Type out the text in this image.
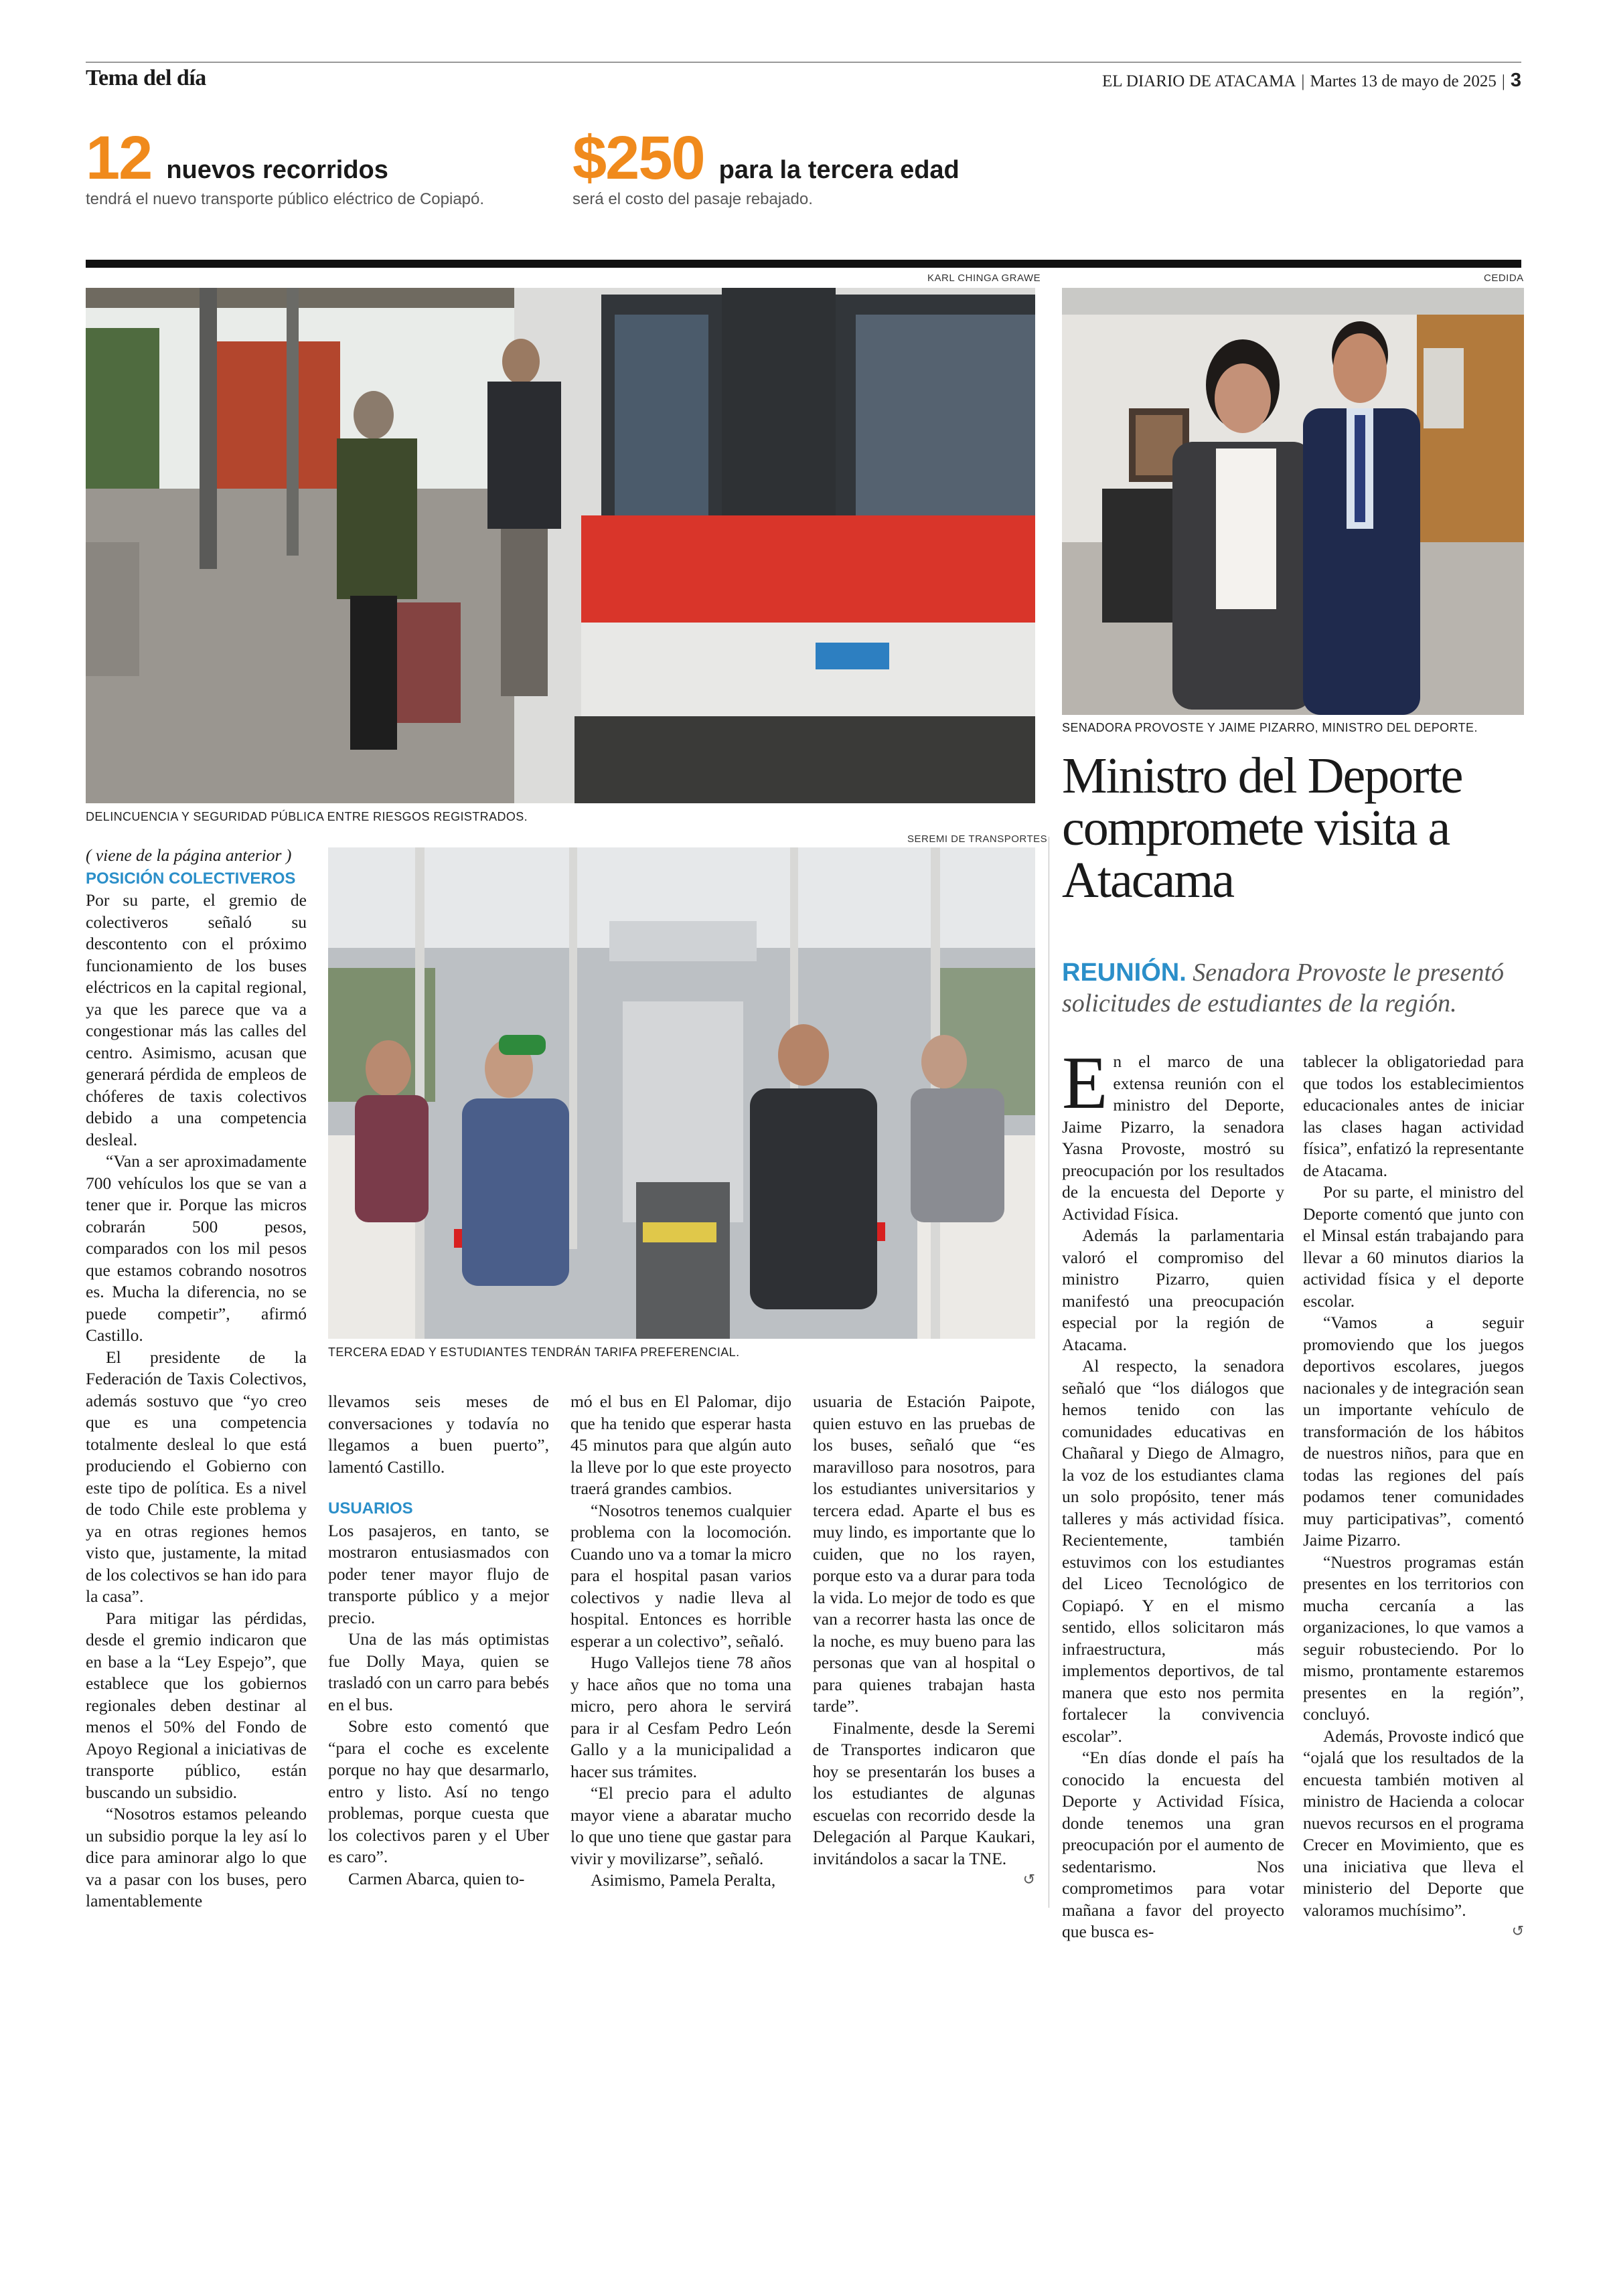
Tema del día	EL DIARIO DE ATACAMA | Martes 13 de mayo de 2025 | 3
12 nuevos recorridos
tendrá el nuevo transporte público eléctrico de Copiapó.
$250 para la tercera edad
será el costo del pasaje rebajado.
KARL CHINGA GRAWE
DELINCUENCIA Y SEGURIDAD PÚBLICA ENTRE RIESGOS REGISTRADOS.
CEDIDA
SENADORA PROVOSTE Y JAIME PIZARRO, MINISTRO DEL DEPORTE.
SEREMI DE TRANSPORTES
TERCERA EDAD Y ESTUDIANTES TENDRÁN TARIFA PREFERENCIAL.

( viene de la página anterior )

POSICIÓN COLECTIVEROS

Por su parte, el gremio de colectiveros señaló su descontento con el próximo funcionamiento de los buses eléctricos en la capital regional, ya que les parece que va a congestionar más las calles del centro. Asimismo, acusan que generará pérdida de empleos de chóferes de taxis colectivos debido a una competencia desleal.

“Van a ser aproximadamente 700 vehículos los que se van a tener que ir. Porque las micros cobrarán 500 pesos, comparados con los mil pesos que estamos cobrando nosotros es. Mucha la diferencia, no se puede competir”, afirmó Castillo.

El presidente de la Federación de Taxis Colectivos, además sostuvo que “yo creo que es una competencia totalmente desleal lo que está produciendo el Gobierno con este tipo de política. Es a nivel de todo Chile este problema y ya en otras regiones hemos visto que, justamente, la mitad de los colectivos se han ido para la casa”.

Para mitigar las pérdidas, desde el gremio indicaron que en base a la “Ley Espejo”, que establece que los gobiernos regionales deben destinar al menos el 50% del Fondo de Apoyo Regional a iniciativas de transporte público, están buscando un subsidio.

“Nosotros estamos peleando un subsidio porque la ley así lo dice para aminorar algo lo que va a pasar con los buses, pero lamentablemente

llevamos seis meses de conversaciones y todavía no llegamos a buen puerto”, lamentó Castillo.

USUARIOS

Los pasajeros, en tanto, se mostraron entusiasmados con poder tener mayor flujo de transporte público y a mejor precio.

Una de las más optimistas fue Dolly Maya, quien se trasladó con un carro para bebés en el bus.

Sobre esto comentó que “para el coche es excelente porque no hay que desarmarlo, entro y listo. Así no tengo problemas, porque cuesta que los colectivos paren y el Uber es caro”.

Carmen Abarca, quien to-

mó el bus en El Palomar, dijo que ha tenido que esperar hasta 45 minutos para que algún auto la lleve por lo que este proyecto traerá grandes cambios.

“Nosotros tenemos cualquier problema con la locomoción. Cuando uno va a tomar la micro para el hospital pasan varios colectivos y nadie lleva al hospital. Entonces es horrible esperar a un colectivo”, señaló.

Hugo Vallejos tiene 78 años y hace años que no toma una micro, pero ahora le servirá para ir al Cesfam Pedro León Gallo y a la municipalidad a hacer sus trámites.

“El precio para el adulto mayor viene a abaratar mucho lo que uno tiene que gastar para vivir y movilizarse”, señaló.

Asimismo, Pamela Peralta,

usuaria de Estación Paipote, quien estuvo en las pruebas de los buses, señaló que “es maravilloso para nosotros, para los estudiantes universitarios y tercera edad. Aparte el bus es muy lindo, es importante que lo cuiden, que no los rayen, porque esto va a durar para toda la vida. Lo mejor de todo es que van a recorrer hasta las once de la noche, es muy bueno para las personas que van al hospital o para quienes trabajan hasta tarde”.

Finalmente, desde la Seremi de Transportes indicaron que hoy se presentarán los buses a los estudiantes de algunas escuelas con recorrido desde la Delegación al Parque Kaukari, invitándolos a sacar la TNE.

↺
Ministro del Deporte compromete visita a Atacama
REUNIÓN. Senadora Provoste le presentó solicitudes de estudiantes de la región.

En el marco de una extensa reunión con el ministro del Deporte, Jaime Pizarro, la senadora Yasna Provoste, mostró su preocupación por los resultados de la encuesta del Deporte y Actividad Física.

Además la parlamentaria valoró el compromiso del ministro Pizarro, quien manifestó una preocupación especial por la región de Atacama.

Al respecto, la senadora señaló que “los diálogos que hemos tenido con las comunidades educativas en Chañaral y Diego de Almagro, la voz de los estudiantes clama un solo propósito, tener más talleres y más actividad física. Recientemente, también estuvimos con los estudiantes del Liceo Tecnológico de Copiapó. Y en el mismo sentido, ellos solicitaron más infraestructura, más implementos deportivos, de tal manera que esto nos permita fortalecer la convivencia escolar”.

“En días donde el país ha conocido la encuesta del Deporte y Actividad Física, donde tenemos una gran preocupación por el aumento de sedentarismo. Nos comprometimos para votar mañana a favor del proyecto que busca es-

tablecer la obligatoriedad para que todos los establecimientos educacionales antes de iniciar las clases hagan actividad física”, enfatizó la representante de Atacama.

Por su parte, el ministro del Deporte comentó que junto con el Minsal están trabajando para llevar a 60 minutos diarios la actividad física y el deporte escolar.

“Vamos a seguir promoviendo que los juegos deportivos escolares, juegos nacionales y de integración sean un importante vehículo de transformación de los hábitos de nuestros niños, para que en todas las regiones del país podamos tener comunidades muy participativas”, comentó Jaime Pizarro.

“Nuestros programas están presentes en los territorios con mucha cercanía a las organizaciones, lo que vamos a seguir robusteciendo. Por lo mismo, prontamente estaremos presentes en la región”, concluyó.

Además, Provoste indicó que “ojalá que los resultados de la encuesta también motiven al ministro de Hacienda a colocar nuevos recursos en el programa Crecer en Movimiento, que es una iniciativa que lleva el ministerio del Deporte que valoramos muchísimo”.

↺
